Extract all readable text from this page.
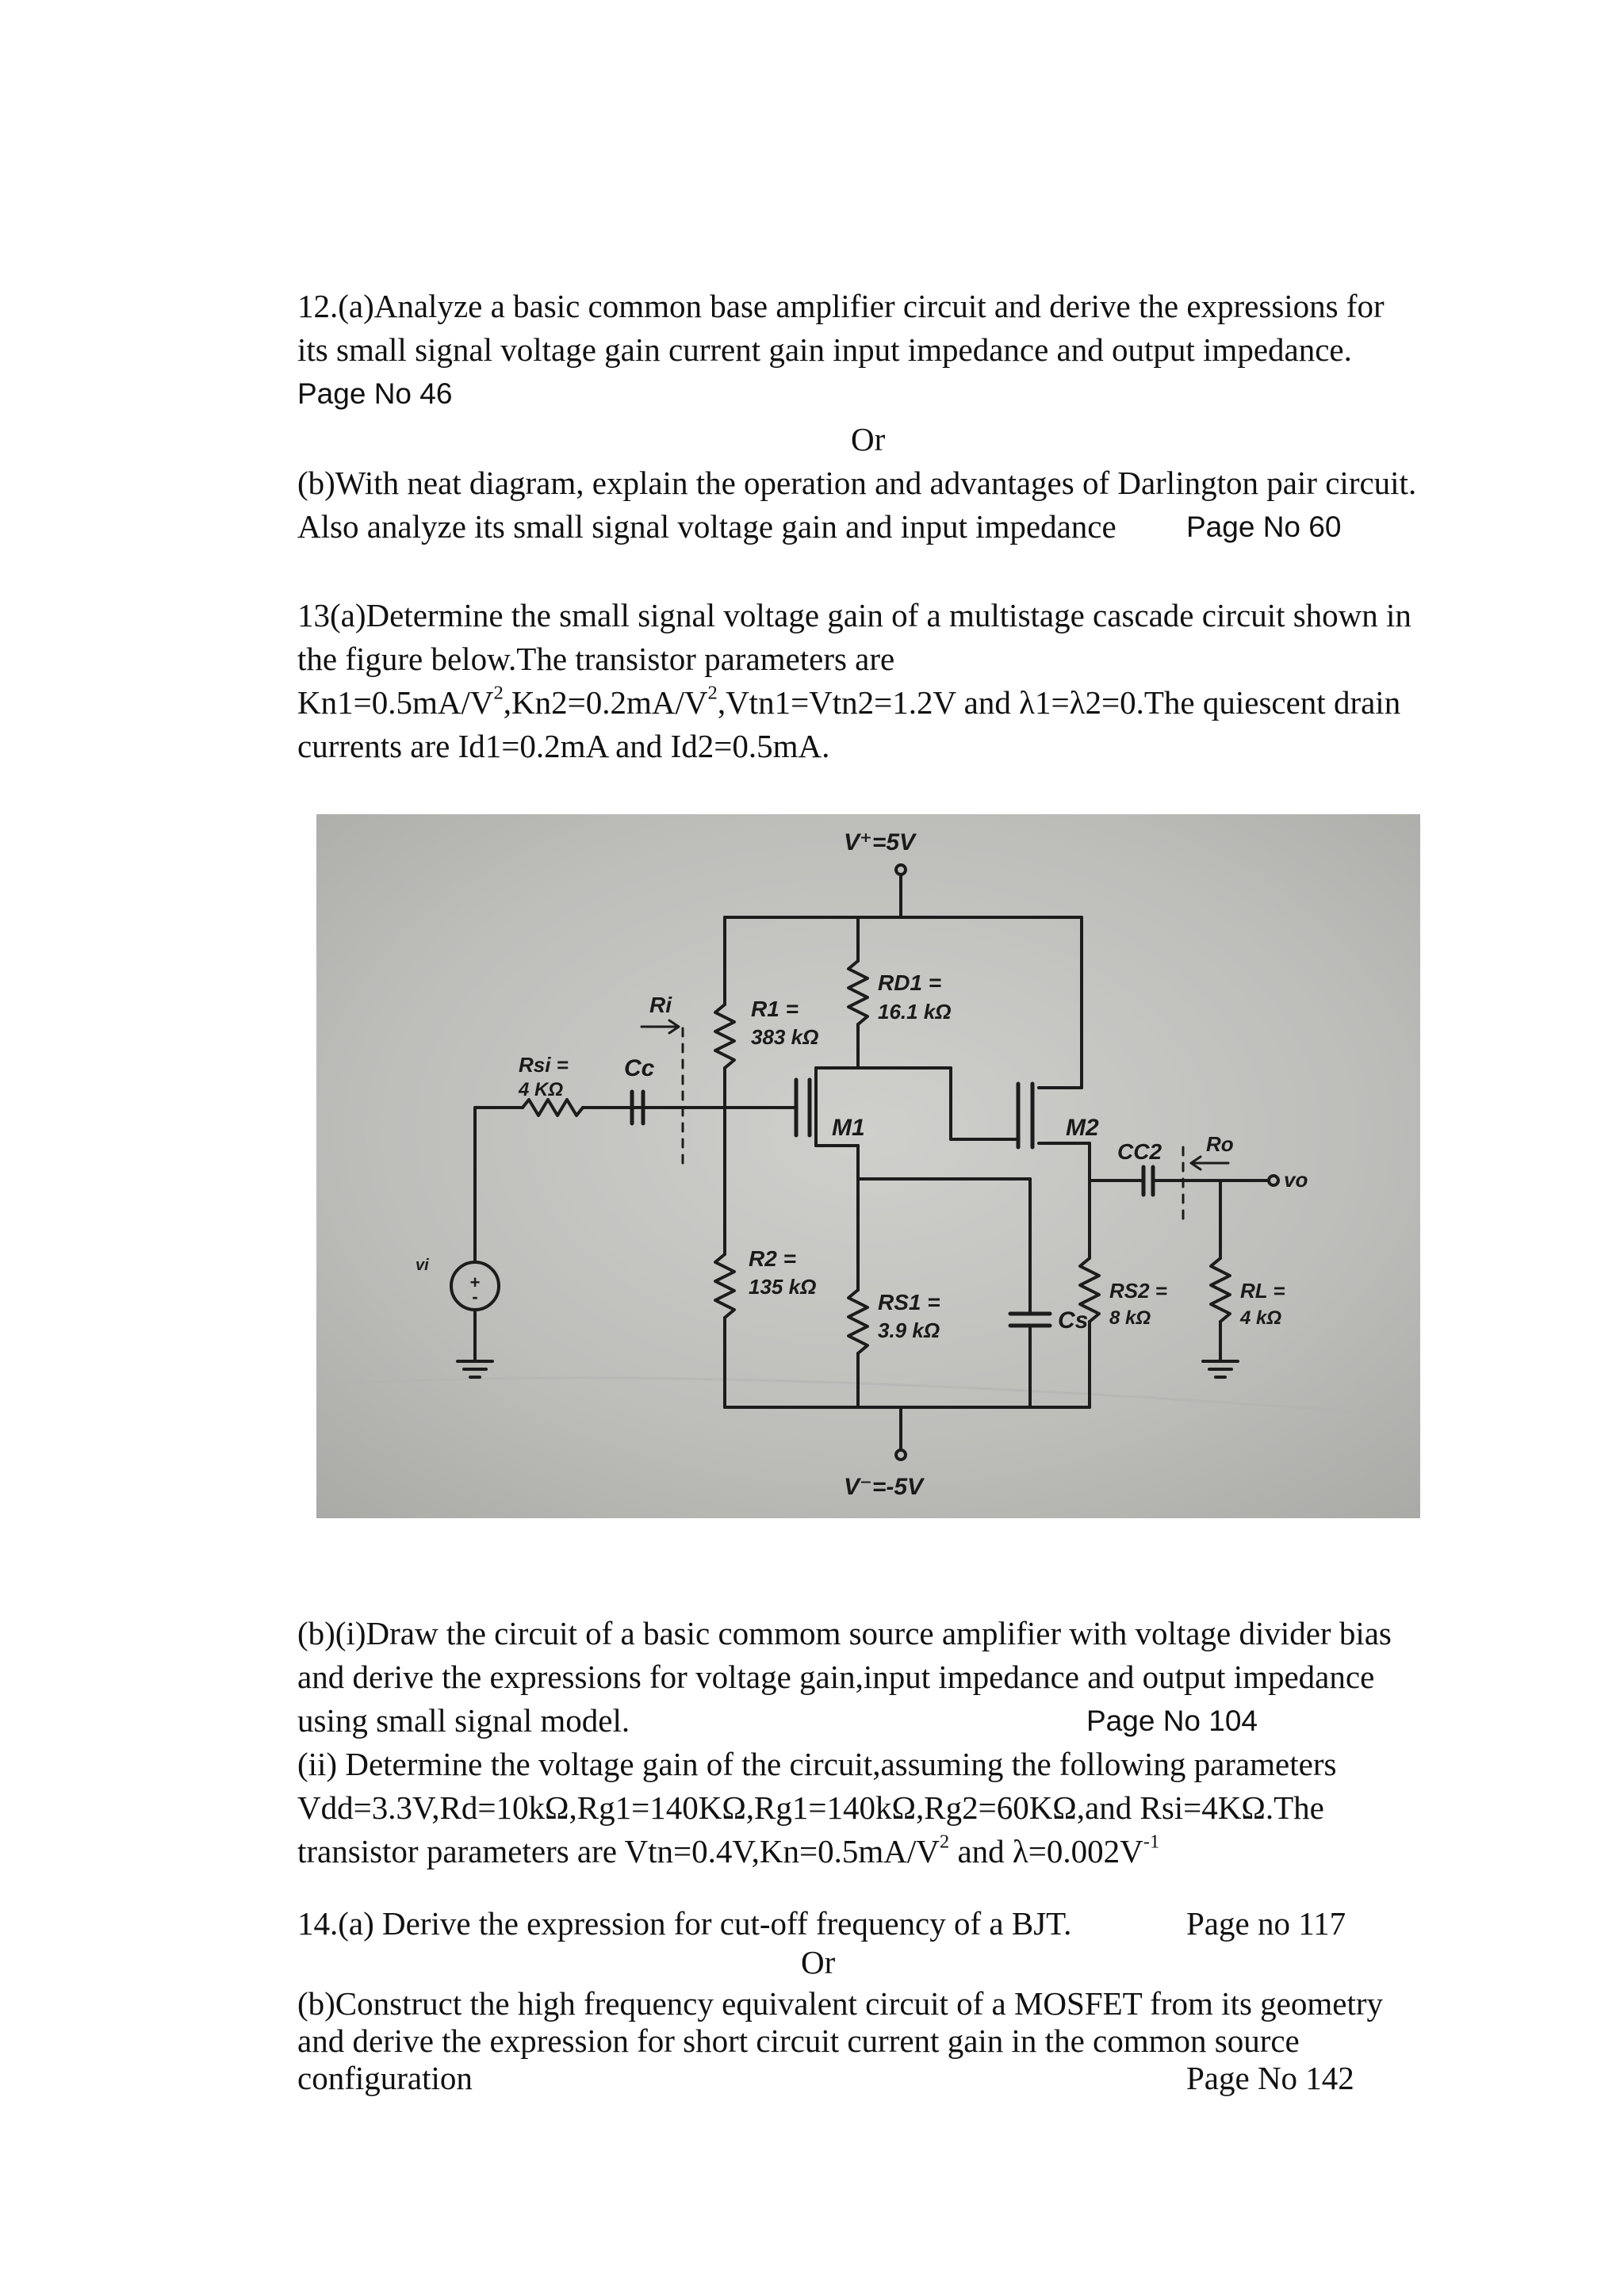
12.(a)Analyze a basic common base amplifier circuit and derive the expressions for
its small signal voltage gain current gain input impedance and output impedance.
Page No 46
Or
(b)With neat diagram, explain the operation and advantages of Darlington pair circuit.
Also analyze its small signal voltage gain and input impedance Page No 60
13(a)Determine the small signal voltage gain of a multistage cascade circuit shown in
the figure below.The transistor parameters are
$Kn1=0.5mA/V^2,Kn2=0.2mA/V^2,Vtn1=Vtn2=1.2V$ and λ1=λ2=0.The quiescent drain
currents are Id1=0.2mA and Id2=0.5mA.
+
-
V⁺=5V
V⁻=-5V
Rsi =
4 KΩ
Cc
Ri	R1 =
383 kΩ
RD1 =
16.1 kΩ
M1	M2
R2 =
135 kΩ
RS1 =
3.9 kΩ	Cs
CC2 Ro
vo
RS2 =
8 kΩ
RL =
4 kΩ
vi
(b)(i)Draw the circuit of a basic commom source amplifier with voltage divider bias
and derive the expressions for voltage gain,input impedance and output impedance
using small signal model.	Page No 104
(ii) Determine the voltage gain of the circuit,assuming the following parameters
Vdd=3.3V,Rd=10kΩ,Rg1=140KΩ,Rg1=140kΩ,Rg2=60KΩ,and Rsi=4KΩ.The
transistor parameters are $Vtn=0.4V,Kn=0.5mA/V^2$ and $\lambda=0.002V^{-1}$
14.(a) Derive the expression for cut-off frequency of a BJT.	Page no 117
Or
(b)Construct the high frequency equivalent circuit of a MOSFET from its geometry
and derive the expression for short circuit current gain in the common source
configuration	Page No 142
